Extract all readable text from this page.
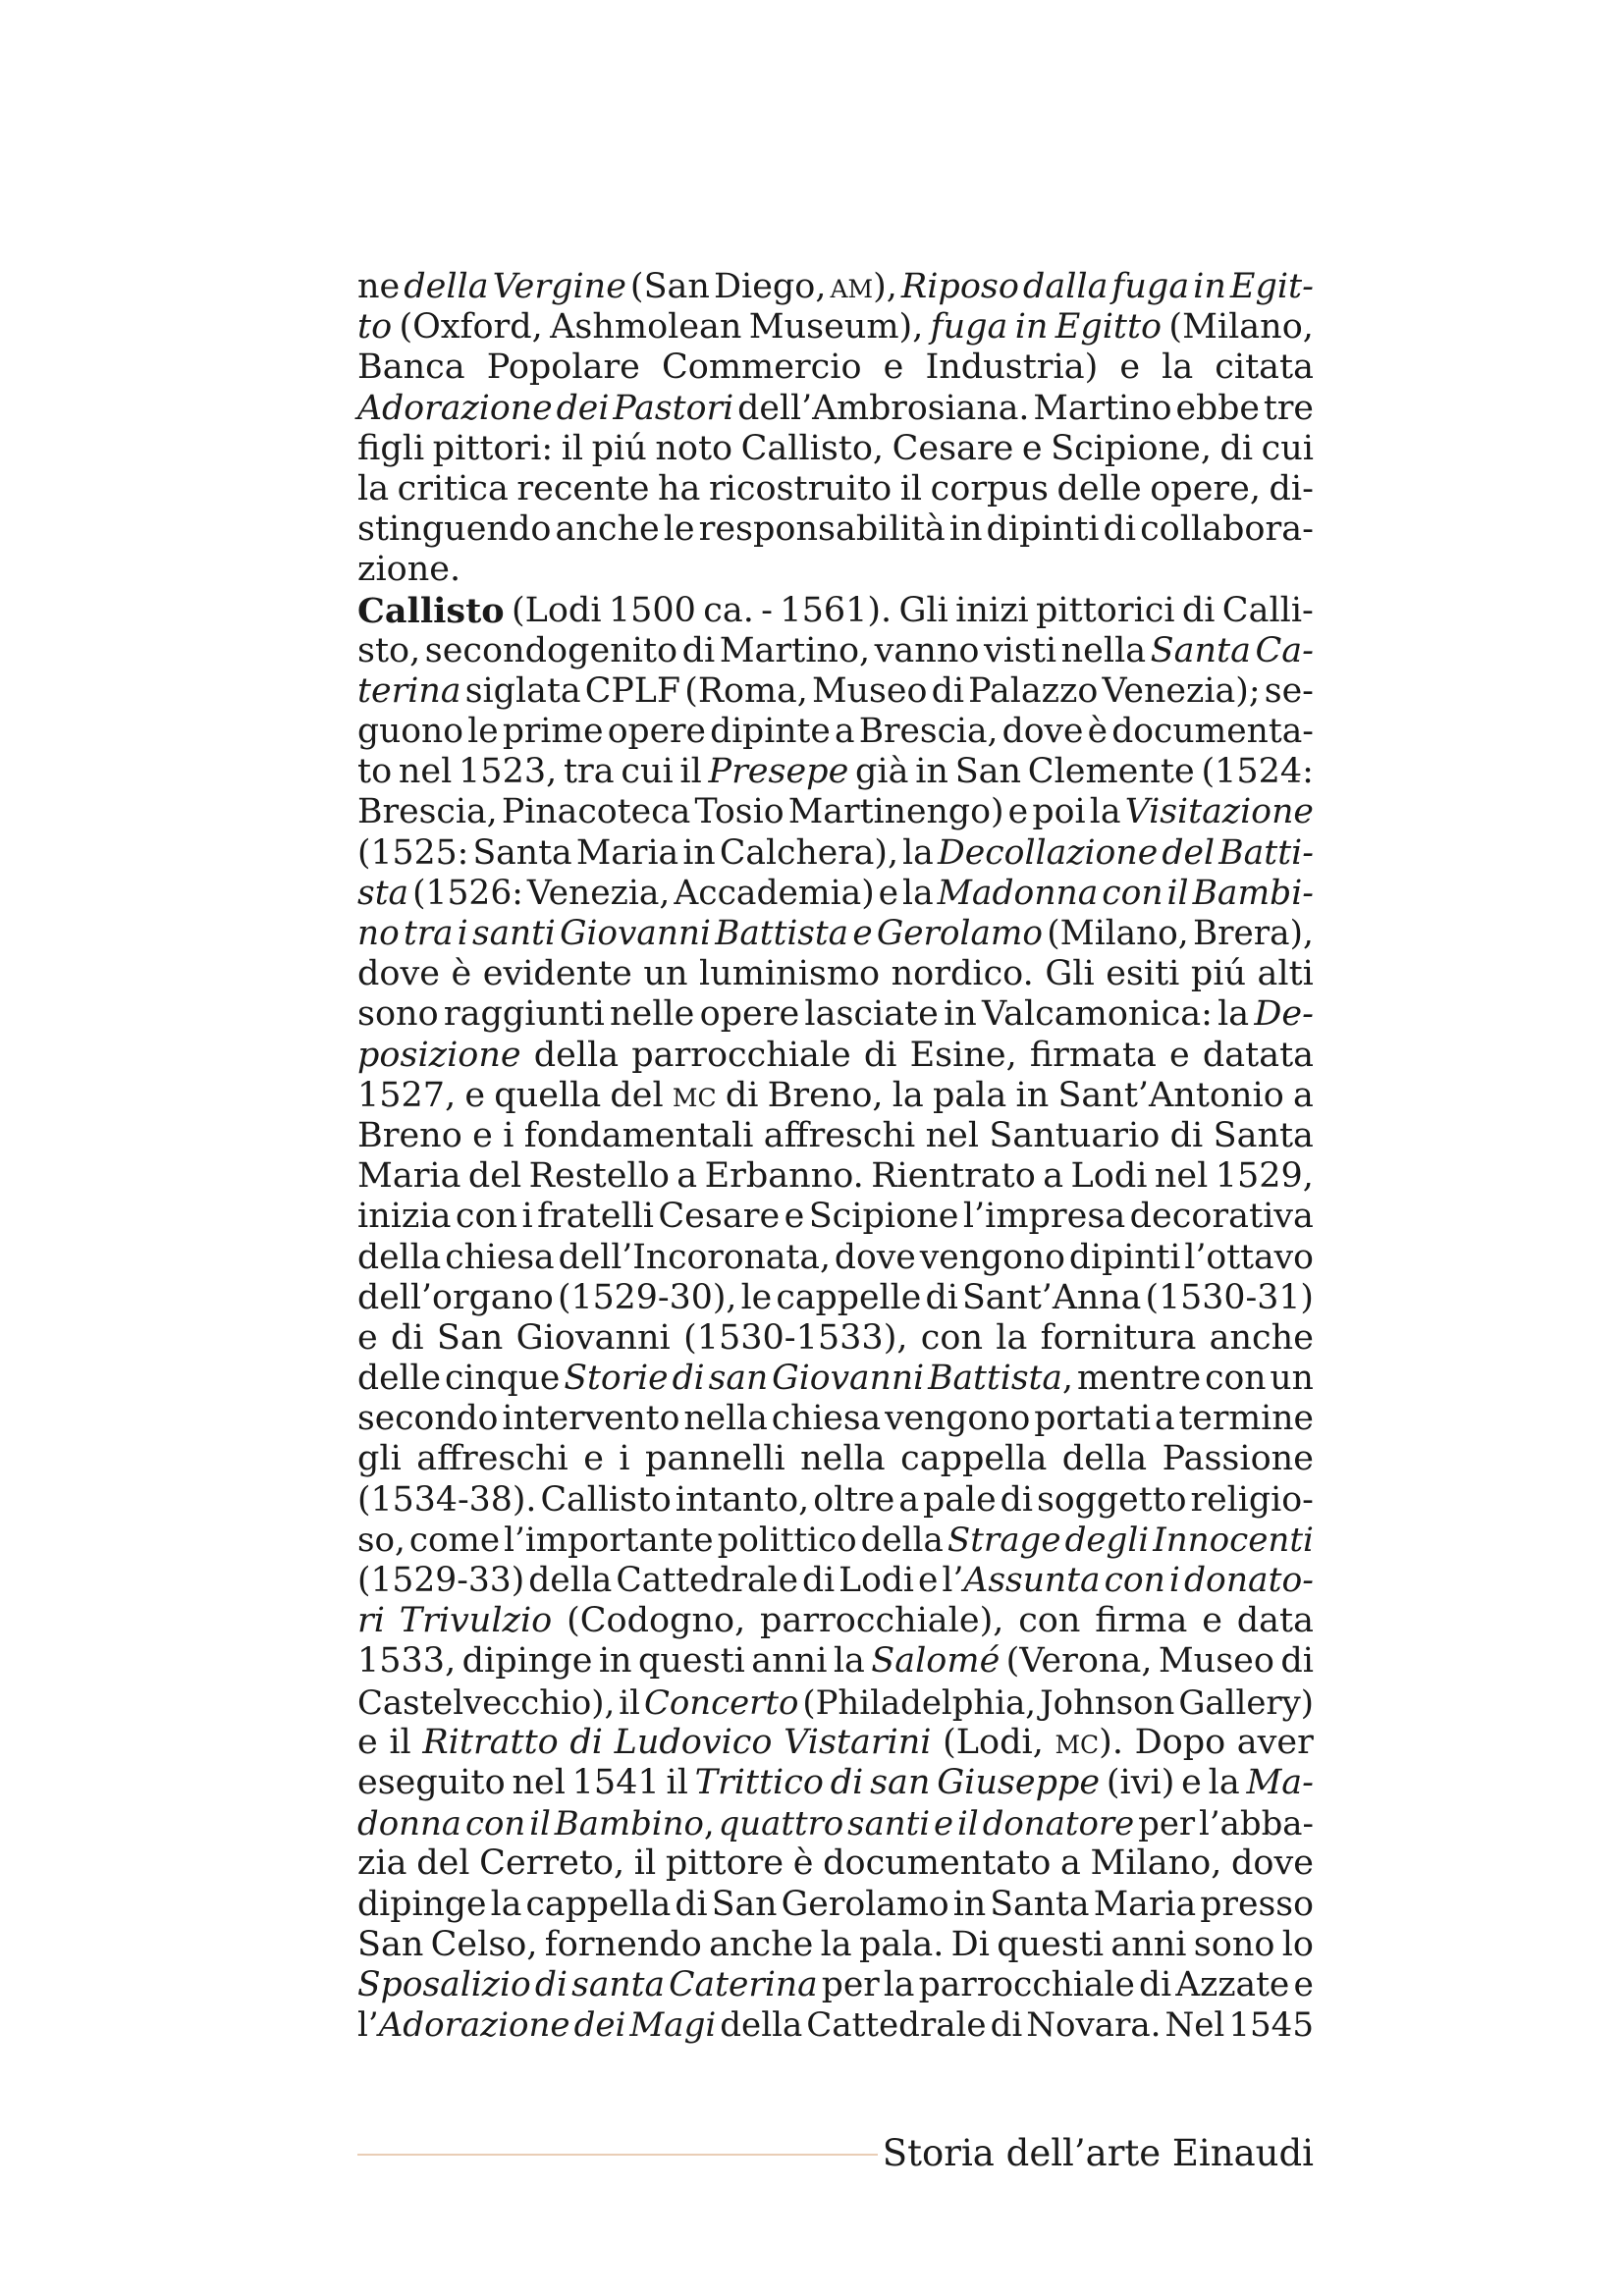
ne della Vergine (San Diego, am), Riposo dalla fuga in Egit-
to (Oxford, Ashmolean Museum), fuga in Egitto (Milano,
Banca Popolare Commercio e Industria) e la citata
Adorazione dei Pastori dell’Ambrosiana. Martino ebbe tre
figli pittori: il piú noto Callisto, Cesare e Scipione, di cui
la critica recente ha ricostruito il corpus delle opere, di-
stinguendo anche le responsabilità in dipinti di collabora-
zione.
Callisto (Lodi 1500 ca. - 1561). Gli inizi pittorici di Calli-
sto, secondogenito di Martino, vanno visti nella Santa Ca-
terina siglata CPLF (Roma, Museo di Palazzo Venezia); se-
guono le prime opere dipinte a Brescia, dove è documenta-
to nel 1523, tra cui il Presepe già in San Clemente (1524:
Brescia, Pinacoteca Tosio Martinengo) e poi la Visitazione
(1525: Santa Maria in Calchera), la Decollazione del Batti-
sta (1526: Venezia, Accademia) e la Madonna con il Bambi-
no tra i santi Giovanni Battista e Gerolamo (Milano, Brera),
dove è evidente un luminismo nordico. Gli esiti piú alti
sono raggiunti nelle opere lasciate in Valcamonica: la De-
posizione della parrocchiale di Esine, firmata e datata
1527, e quella del mc di Breno, la pala in Sant’Antonio a
Breno e i fondamentali affreschi nel Santuario di Santa
Maria del Restello a Erbanno. Rientrato a Lodi nel 1529,
inizia con i fratelli Cesare e Scipione l’impresa decorativa
della chiesa dell’Incoronata, dove vengono dipinti l’ottavo
dell’organo (1529-30), le cappelle di Sant’Anna (1530-31)
e di San Giovanni (1530-1533), con la fornitura anche
delle cinque Storie di san Giovanni Battista, mentre con un
secondo intervento nella chiesa vengono portati a termine
gli affreschi e i pannelli nella cappella della Passione
(1534-38). Callisto intanto, oltre a pale di soggetto religio-
so, come l’importante polittico della Strage degli Innocenti
(1529-33) della Cattedrale di Lodi e l’Assunta con i donato-
ri Trivulzio (Codogno, parrocchiale), con firma e data
1533, dipinge in questi anni la Salomé (Verona, Museo di
Castelvecchio), il Concerto (Philadelphia, Johnson Gallery)
e il Ritratto di Ludovico Vistarini (Lodi, mc). Dopo aver
eseguito nel 1541 il Trittico di san Giuseppe (ivi) e la Ma-
donna con il Bambino, quattro santi e il donatore per l’abba-
zia del Cerreto, il pittore è documentato a Milano, dove
dipinge la cappella di San Gerolamo in Santa Maria presso
San Celso, fornendo anche la pala. Di questi anni sono lo
Sposalizio di santa Caterina per la parrocchiale di Azzate e
l’Adorazione dei Magi della Cattedrale di Novara. Nel 1545
Storia dell’arte Einaudi
